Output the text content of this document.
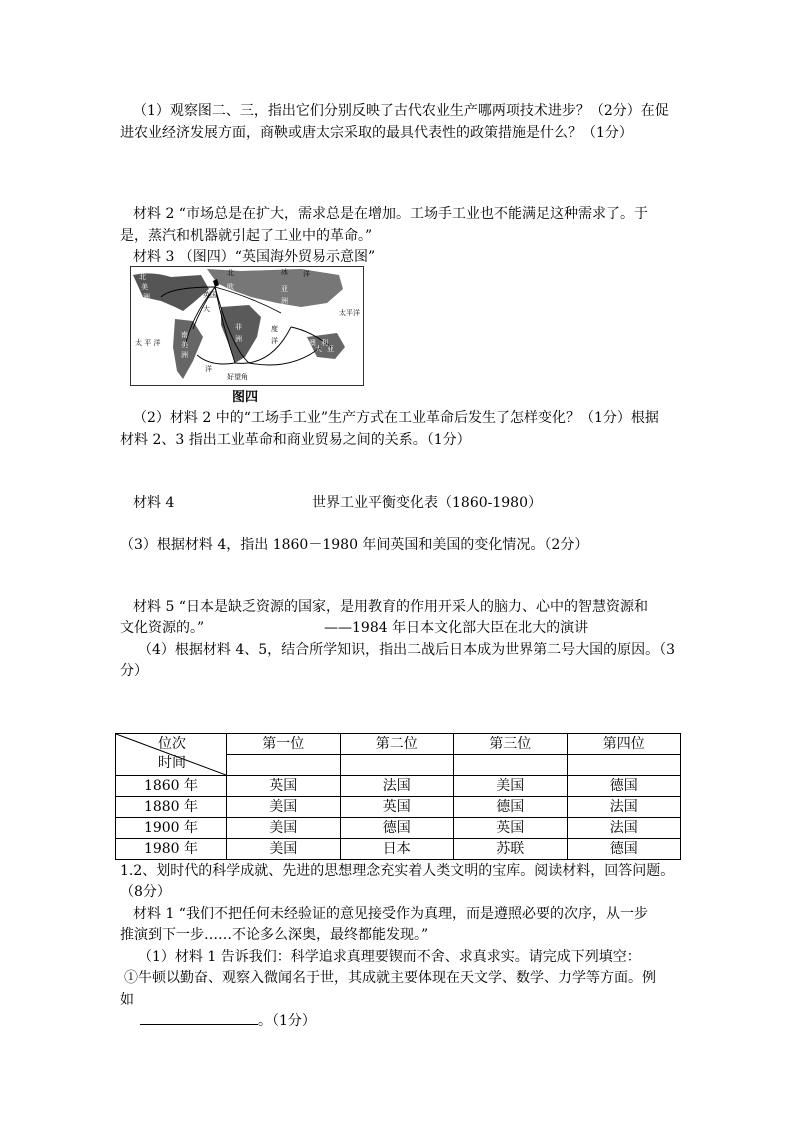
（1）观察图二、三，指出它们分别反映了古代农业生产哪两项技术进步？（2分）在促
进农业经济发展方面，商鞅或唐太宗采取的最具代表性的政策措施是什么？（1分）
材料 2 “市场总是在扩大，需求总是在增加。工场手工业也不能满足这种需求了。于
是，蒸汽和机器就引起了工业中的革命。”
材料 3 （图四）“英国海外贸易示意图”
北	冰 洋
北
美
洲	英国
欧	亚
洲
太平洋
南
美
洲
非
洲
度
洋	澳
大
利
亚
太 平 洋
好望角
洋
大
图四
（2）材料 2 中的“工场手工业”生产方式在工业革命后发生了怎样变化？（1分）根据
材料 2、3 指出工业革命和商业贸易之间的关系。（1分）
材料 4	世界工业平衡变化表（1860-1980）
（3）根据材料 4，指出 1860－1980 年间英国和美国的变化情况。（2分）
材料 5 “日本是缺乏资源的国家，是用教育的作用开采人的脑力、心中的智慧资源和
文化资源的。”	——1984 年日本文化部大臣在北大的演讲
（4）根据材料 4、5，结合所学知识，指出二战后日本成为世界第二号大国的原因。（3
分）
位次
时间	第一位	第二位	第三位	第四位

1860 年	英国	法国	美国	德国
1880 年	美国	英国	德国	法国
1900 年	美国	德国	英国	法国
1980 年	美国	日本	苏联	德国
1.2、划时代的科学成就、先进的思想理念充实着人类文明的宝库。阅读材料，回答问题。
（8分）
材料 1 “我们不把任何未经验证的意见接受作为真理，而是遵照必要的次序，从一步
推演到下一步……不论多么深奥，最终都能发现。”
（1）材料 1 告诉我们：科学追求真理要锲而不舍、求真求实。请完成下列填空：
①牛顿以勤奋、观察入微闻名于世，其成就主要体现在天文学、数学、力学等方面。例
如
。（1分）
